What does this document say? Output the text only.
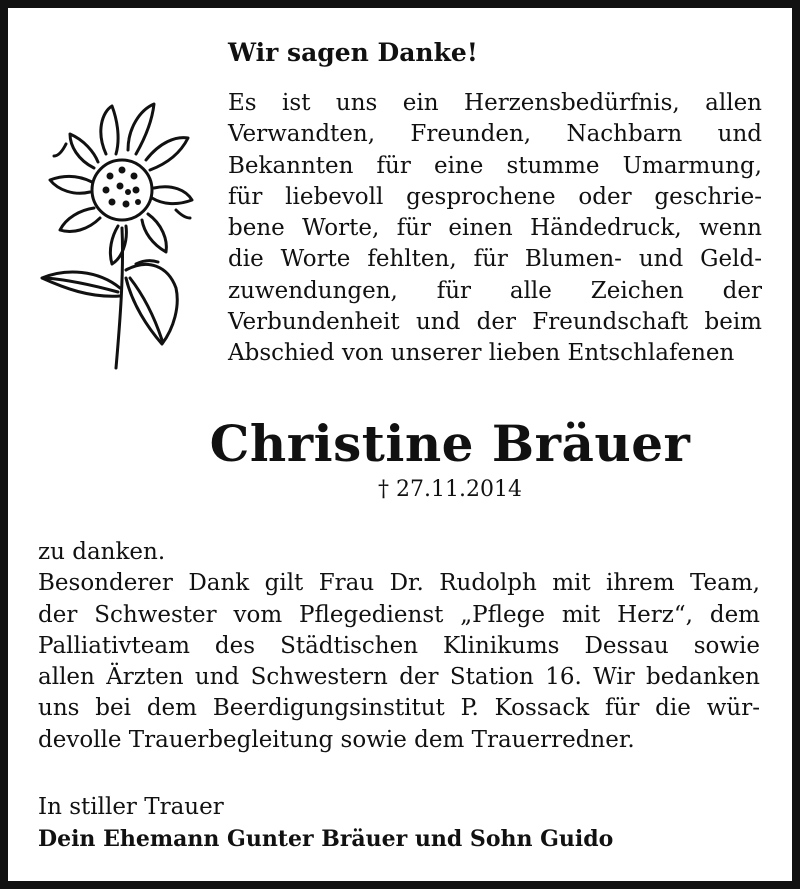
Wir sagen Danke!
Es ist uns ein Herzensbedürfnis, allen
Verwandten, Freunden, Nachbarn und
Bekannten für eine stumme Umarmung,
für liebevoll gesprochene oder geschrie-
bene Worte, für einen Händedruck, wenn
die Worte fehlten, für Blumen- und Geld-
zuwendungen, für alle Zeichen der
Verbundenheit und der Freundschaft beim
Abschied von unserer lieben Entschlafenen
Christine Bräuer
† 27.11.2014
zu danken.
Besonderer Dank gilt Frau Dr. Rudolph mit ihrem Team,
der Schwester vom Pflegedienst „Pflege mit Herz“, dem
Palliativteam des Städtischen Klinikums Dessau sowie
allen Ärzten und Schwestern der Station 16. Wir bedanken
uns bei dem Beerdigungsinstitut P. Kossack für die wür-
devolle Trauerbegleitung sowie dem Trauerredner.
In stiller Trauer
Dein Ehemann Gunter Bräuer und Sohn Guido
